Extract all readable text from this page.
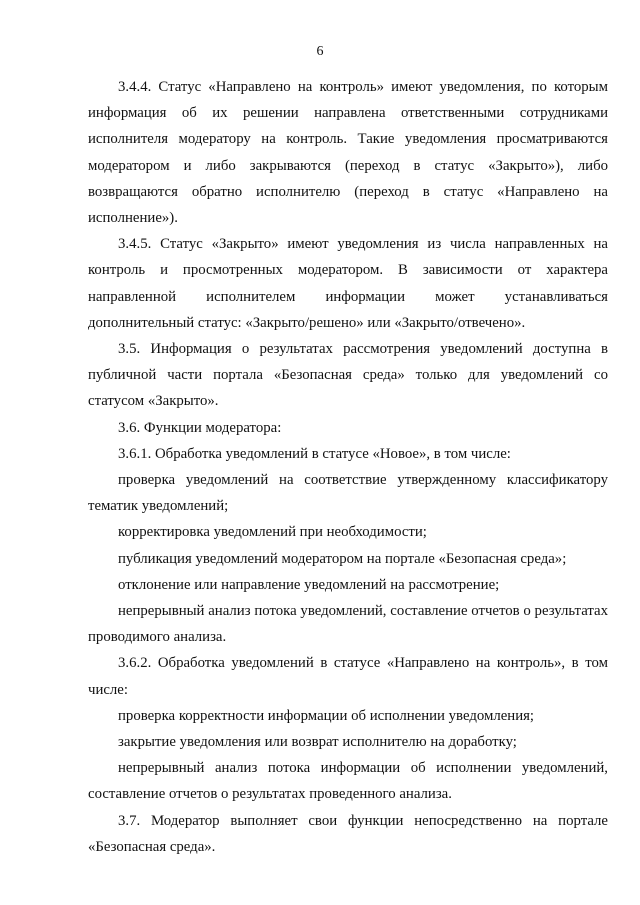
6

3.4.4. Статус «Направлено на контроль» имеют уведомления, по которым информация об их решении направлена ответственными сотрудниками исполнителя модератору на контроль. Такие уведомления просматриваются модератором и либо закрываются (переход в статус «Закрыто»), либо возвращаются обратно исполнителю (переход в статус «Направлено на исполнение»).

3.4.5. Статус «Закрыто» имеют уведомления из числа направленных на контроль и просмотренных модератором. В зависимости от характера направленной исполнителем информации может устанавливаться дополнительный статус: «Закрыто/решено» или «Закрыто/отвечено».

3.5. Информация о результатах рассмотрения уведомлений доступна в публичной части портала «Безопасная среда» только для уведомлений со статусом «Закрыто».

3.6. Функции модератора:

3.6.1. Обработка уведомлений в статусе «Новое», в том числе:

проверка уведомлений на соответствие утвержденному классификатору тематик уведомлений;

корректировка уведомлений при необходимости;

публикация уведомлений модератором на портале «Безопасная среда»;

отклонение или направление уведомлений на рассмотрение;

непрерывный анализ потока уведомлений, составление отчетов о результатах проводимого анализа.

3.6.2. Обработка уведомлений в статусе «Направлено на контроль», в том числе:

проверка корректности информации об исполнении уведомления;

закрытие уведомления или возврат исполнителю на доработку;

непрерывный анализ потока информации об исполнении уведомлений, составление отчетов о результатах проведенного анализа.

3.7. Модератор выполняет свои функции непосредственно на портале «Безопасная среда».
